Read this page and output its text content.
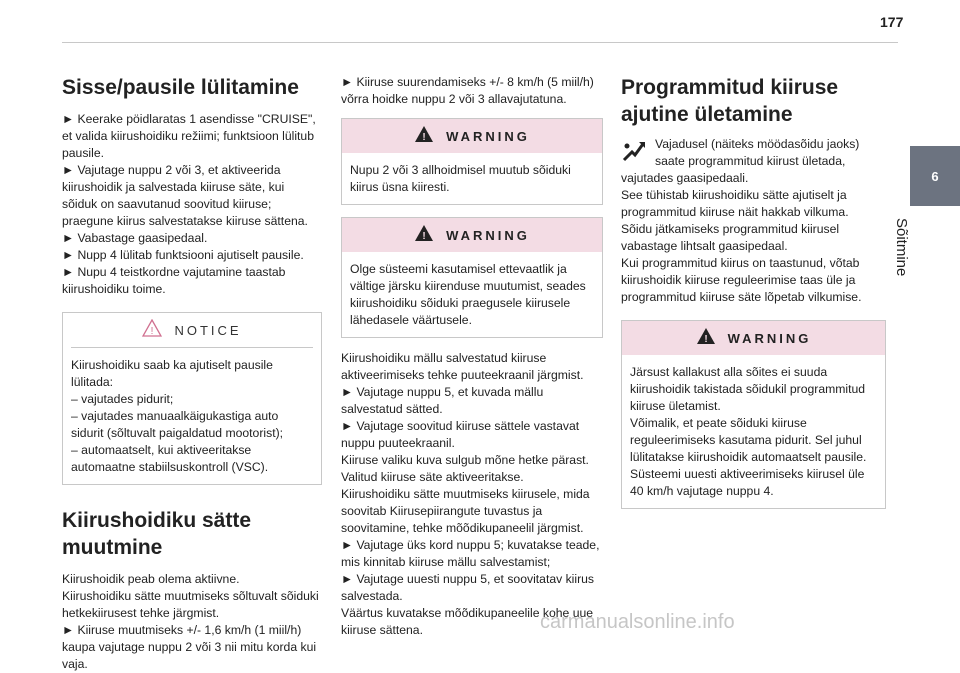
177
6
Sõitmine
Sisse/pausile lülitamine

► Keerake pöidlaratas 1 asendisse "CRUISE", et valida kiirushoidiku režiimi; funktsioon lülitub pausile.

► Vajutage nuppu 2 või 3, et aktiveerida kiirushoidik ja salvestada kiiruse säte, kui sõiduk on saavutanud soovitud kiiruse; praegune kiirus salvestatakse kiiruse sättena.

► Vabastage gaasipedaal.

► Nupp 4 lülitab funktsiooni ajutiselt pausile.

► Nupu 4 teistkordne vajutamine taastab kiirushoidiku toime.

! NOTICE

Kiirushoidiku saab ka ajutiselt pausile lülitada:

– vajutades pidurit;

– vajutades manuaalkäigukastiga auto sidurit (sõltuvalt paigaldatud mootorist);

– automaatselt, kui aktiveeritakse automaatne stabiilsuskontroll (VSC).

Kiirushoidiku sätte muutmine

Kiirushoidik peab olema aktiivne.

Kiirushoidiku sätte muutmiseks sõltuvalt sõiduki hetkekiirusest tehke järgmist.

► Kiiruse muutmiseks +/- 1,6 km/h (1 miil/h) kaupa vajutage nuppu 2 või 3 nii mitu korda kui vaja.

► Kiiruse suurendamiseks +/- 8 km/h (5 miil/h) võrra hoidke nuppu 2 või 3 allavajutatuna.

! WARNING
Nupu 2 või 3 allhoidmisel muutub sõiduki kiirus üsna kiiresti.
! WARNING
Olge süsteemi kasutamisel ettevaatlik ja vältige järsku kiirenduse muutumist, seades kiirushoidiku sõiduki praegusele kiirusele lähedasele väärtusele.

Kiirushoidiku mällu salvestatud kiiruse aktiveerimiseks tehke puuteekraanil järgmist.

► Vajutage nuppu 5, et kuvada mällu salvestatud sätted.

► Vajutage soovitud kiiruse sättele vastavat nuppu puuteekraanil.

Kiiruse valiku kuva sulgub mõne hetke pärast.

Valitud kiiruse säte aktiveeritakse.

Kiirushoidiku sätte muutmiseks kiirusele, mida soovitab Kiirusepiirangute tuvastus ja soovitamine, tehke mõõdikupaneelil järgmist.

► Vajutage üks kord nuppu 5; kuvatakse teade, mis kinnitab kiiruse mällu salvestamist;

► Vajutage uuesti nuppu 5, et soovitatav kiirus salvestada.

Väärtus kuvatakse mõõdikupaneelile kohe uue kiiruse sättena.

Programmitud kiiruse ajutine ületamine

Vajadusel (näiteks möödasõidu jaoks) saate programmitud kiirust ületada, vajutades gaasipedaali.

See tühistab kiirushoidiku sätte ajutiselt ja programmitud kiiruse näit hakkab vilkuma.

Sõidu jätkamiseks programmitud kiirusel vabastage lihtsalt gaasipedaal.

Kui programmitud kiirus on taastunud, võtab kiirushoidik kiiruse reguleerimise taas üle ja programmitud kiiruse säte lõpetab vilkumise.

! WARNING

Järsust kallakust alla sõites ei suuda kiirushoidik takistada sõidukil programmitud kiiruse ületamist.

Võimalik, et peate sõiduki kiiruse reguleerimiseks kasutama pidurit. Sel juhul lülitatakse kiirushoidik automaatselt pausile.

Süsteemi uuesti aktiveerimiseks kiirusel üle 40 km/h vajutage nuppu 4.

carmanualsonline.info
